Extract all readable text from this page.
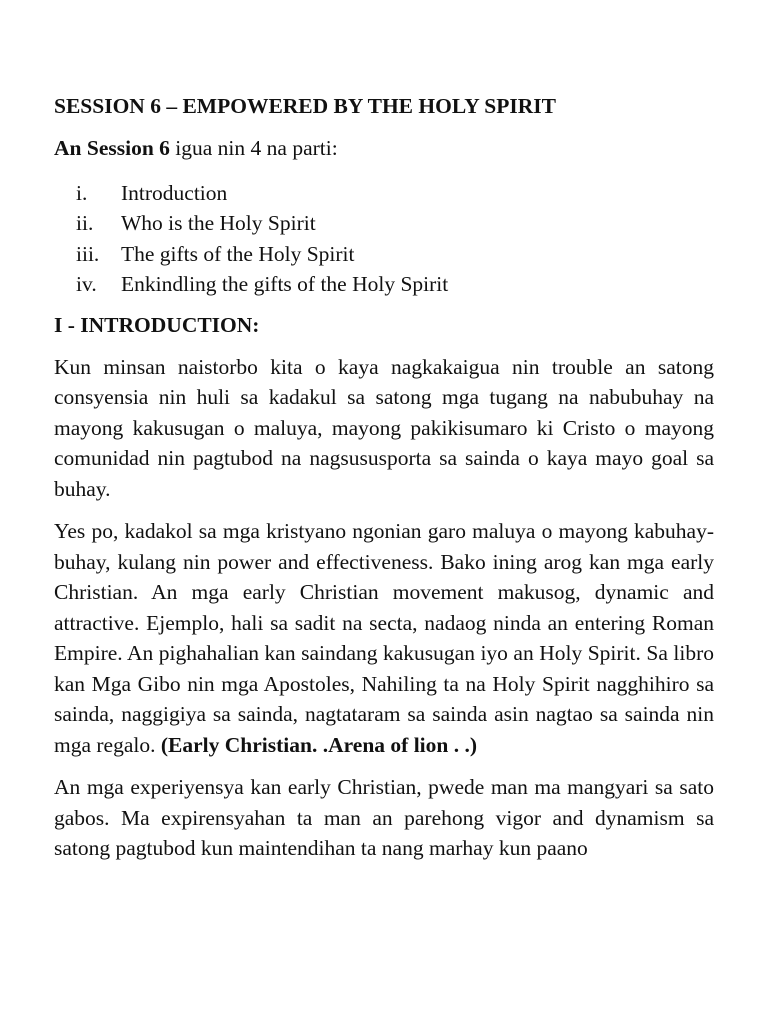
SESSION 6 – EMPOWERED BY THE HOLY SPIRIT
An Session 6 igua nin 4 na parti:
i. Introduction
ii. Who is the Holy Spirit
iii. The gifts of the Holy Spirit
iv. Enkindling the gifts of the Holy Spirit
I - INTRODUCTION:

Kun minsan naistorbo kita o kaya nagkakaigua nin trouble an satong consyensia nin huli sa kadakul sa satong mga tugang na nabubuhay na mayong kakusugan o maluya, mayong pakikisumaro ki Cristo o mayong comunidad nin pagtubod na nagsususporta sa sainda o kaya mayo goal sa buhay.

Yes po, kadakol sa mga kristyano ngonian garo maluya o mayong kabuhay-buhay, kulang nin power and effectiveness. Bako ining arog kan mga early Christian. An mga early Christian movement makusog, dynamic and attractive. Ejemplo, hali sa sadit na secta, nadaog ninda an entering Roman Empire. An pighahalian kan saindang kakusugan iyo an Holy Spirit. Sa libro kan Mga Gibo nin mga Apostoles, Nahiling ta na Holy Spirit nagghihiro sa sainda, naggigiya sa sainda, nagtataram sa sainda asin nagtao sa sainda nin mga regalo. (Early Christian. .Arena of lion . .)

An mga experiyensya kan early Christian, pwede man ma mangyari sa sato gabos. Ma expirensyahan ta man an parehong vigor and dynamism sa satong pagtubod kun maintendihan ta nang marhay kun paano
